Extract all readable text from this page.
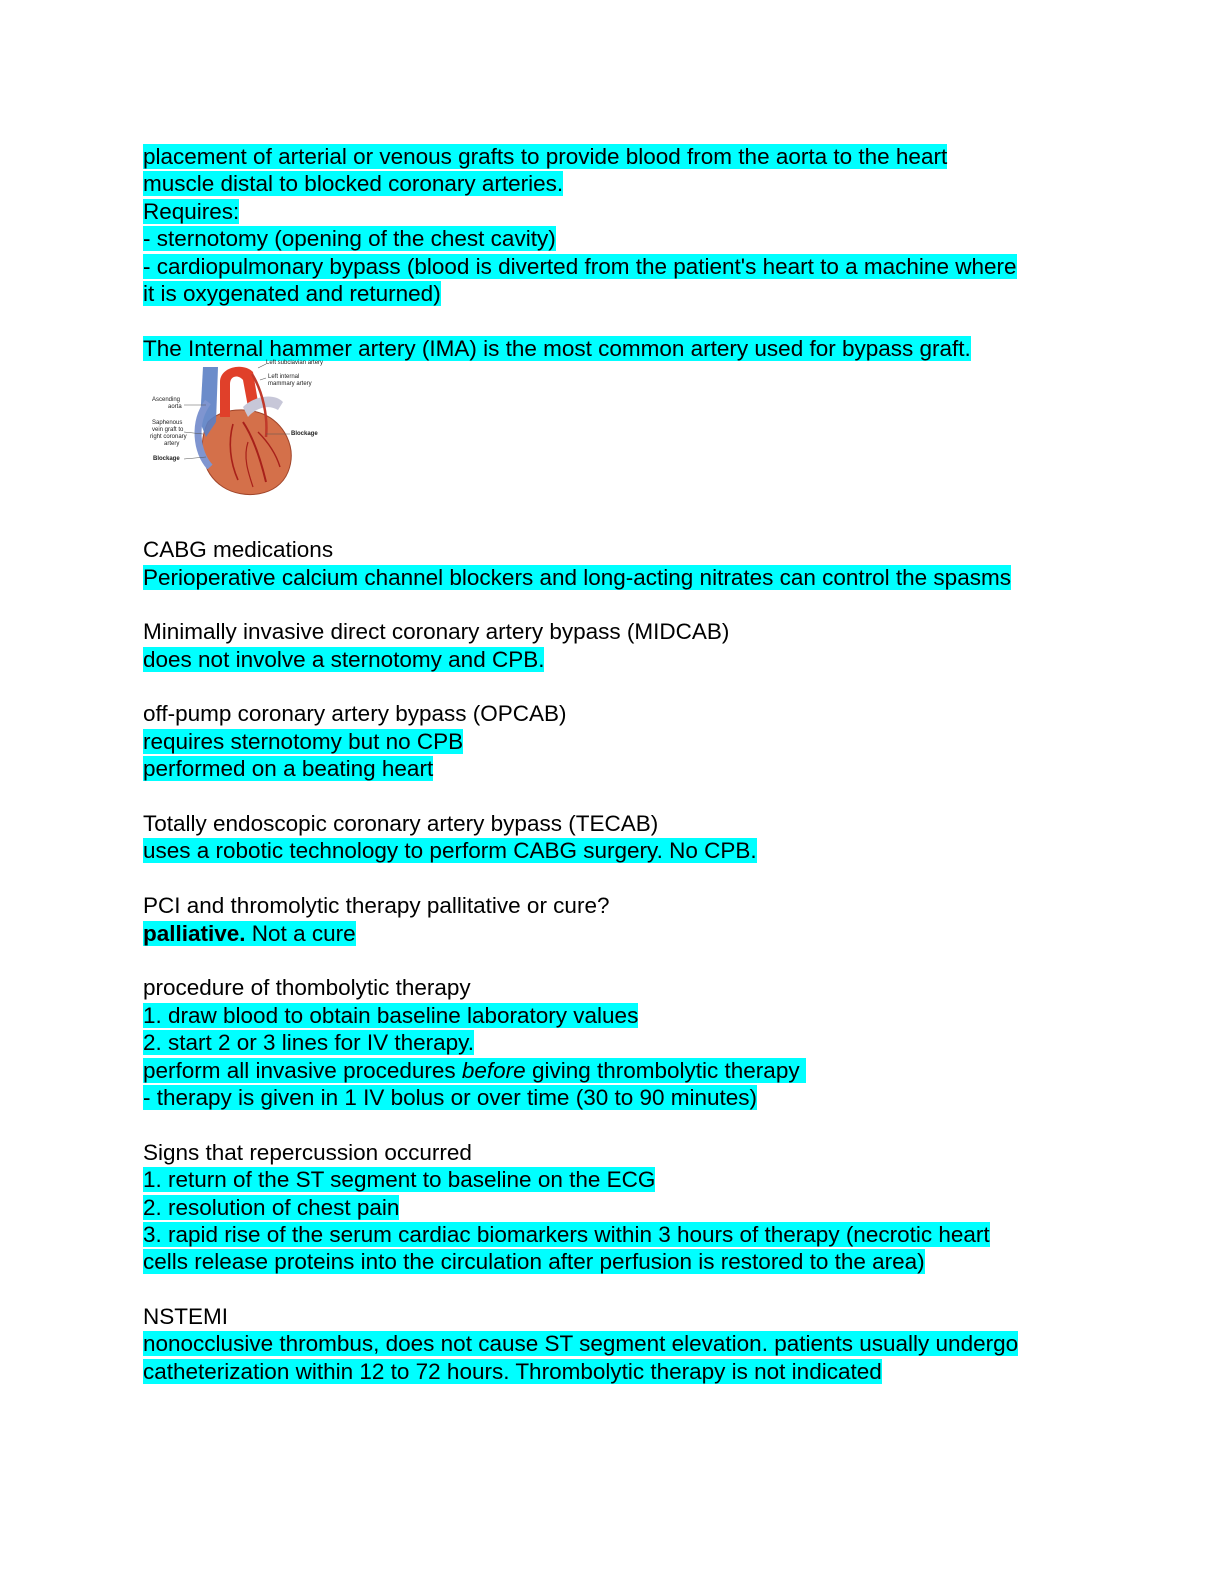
placement of arterial or venous grafts to provide blood from the aorta to the heart
muscle distal to blocked coronary arteries.
Requires:
- sternotomy (opening of the chest cavity)
- cardiopulmonary bypass (blood is diverted from the patient's heart to a machine where
it is oxygenated and returned)
The Internal hammer artery (IMA) is the most common artery used for bypass graft.
Left subclavian artery
Left internal
mammary artery
Ascending
aorta
Saphenous
vein graft to
right coronary
artery
Blockage
Blockage
CABG medications
Perioperative calcium channel blockers and long-acting nitrates can control the spasms
Minimally invasive direct coronary artery bypass (MIDCAB)
does not involve a sternotomy and CPB.
off-pump coronary artery bypass (OPCAB)
requires sternotomy but no CPB
performed on a beating heart
Totally endoscopic coronary artery bypass (TECAB)
uses a robotic technology to perform CABG surgery. No CPB.
PCI and thromolytic therapy pallitative or cure?
palliative. Not a cure
procedure of thombolytic therapy
1. draw blood to obtain baseline laboratory values
2. start 2 or 3 lines for IV therapy.
perform all invasive procedures before giving thrombolytic therapy
- therapy is given in 1 IV bolus or over time (30 to 90 minutes)
Signs that repercussion occurred
1. return of the ST segment to baseline on the ECG
2. resolution of chest pain
3. rapid rise of the serum cardiac biomarkers within 3 hours of therapy (necrotic heart
cells release proteins into the circulation after perfusion is restored to the area)
NSTEMI
nonocclusive thrombus, does not cause ST segment elevation. patients usually undergo
catheterization within 12 to 72 hours. Thrombolytic therapy is not indicated
